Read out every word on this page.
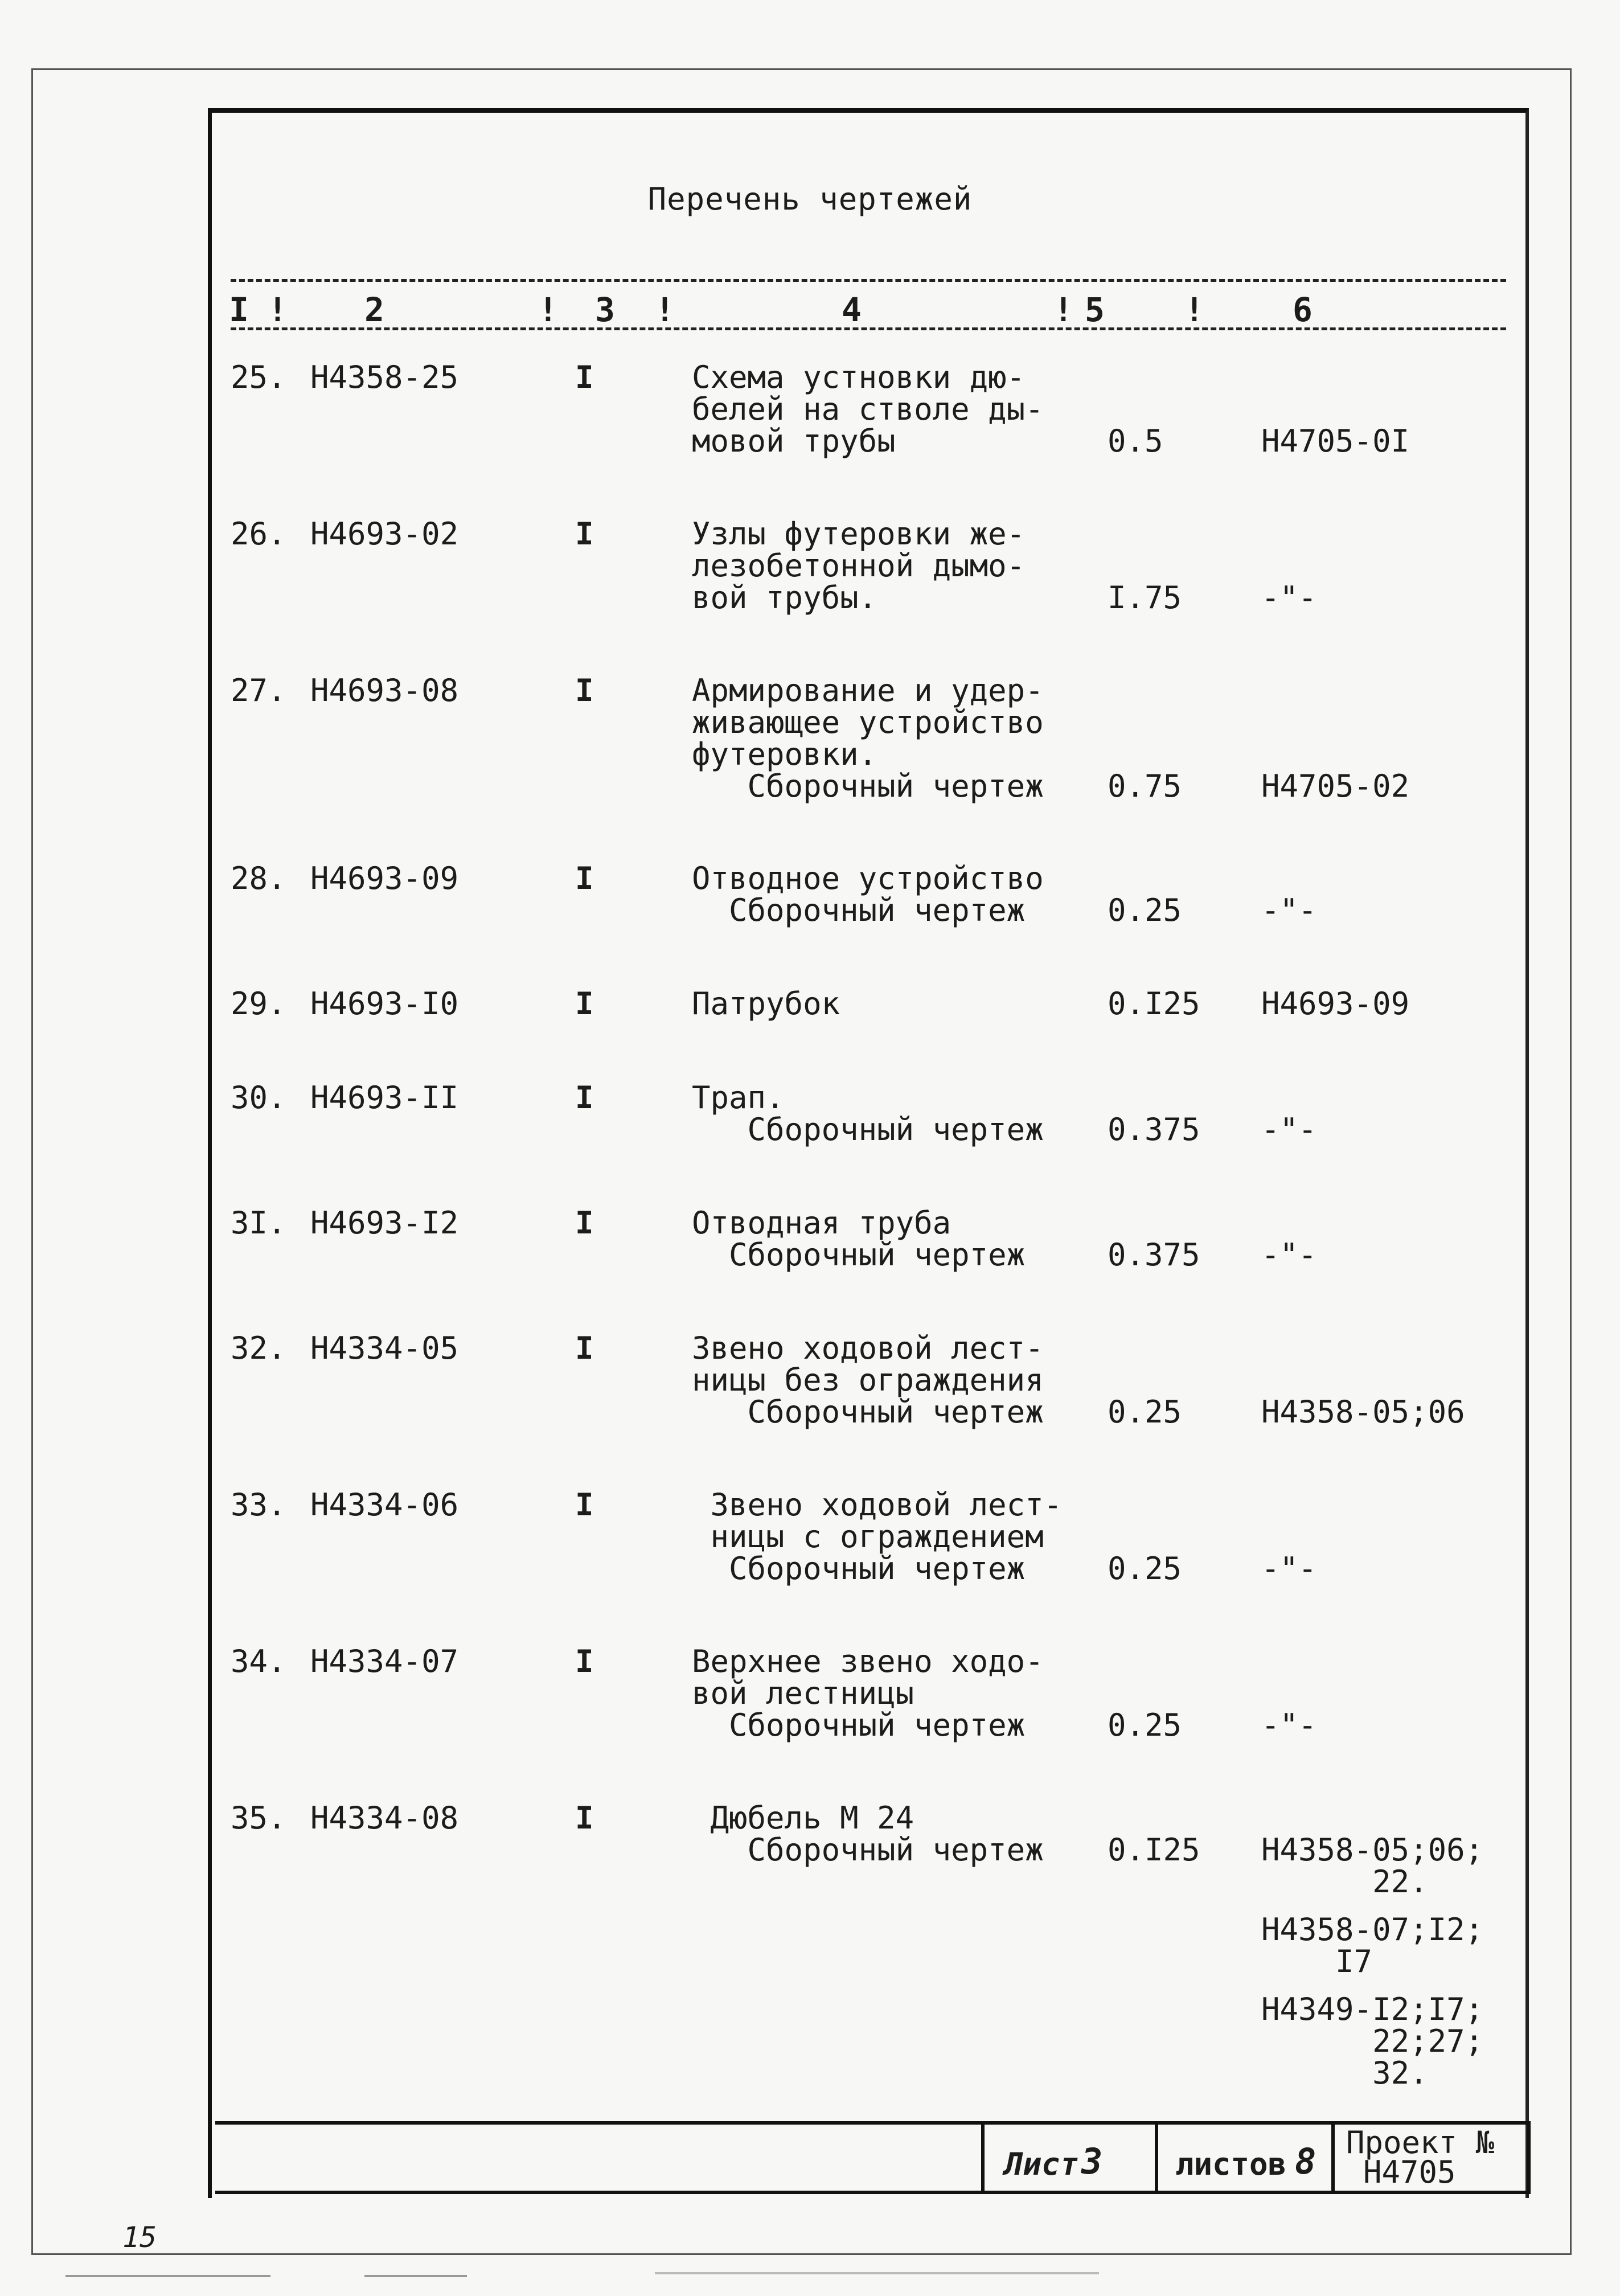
Перечень чертежей
I ! 2	! 3 !	4	! 5 !	6
25. Н4358-25	I	Схема устновки дю-
белей на стволе ды-
мовой трубы	0.5	Н4705-0I
26. Н4693-02	I	Узлы футеровки же-
лезобетонной дымо-
вой трубы.	I.75	-"-
27. Н4693-08	I	Армирование и удер-
живающее устройство
футеровки.
Сборочный чертеж 0.75	Н4705-02
28. Н4693-09	I	Отводное устройство
Сборочный чертеж	0.25	-"-
29. Н4693-I0	I	Патрубок	0.I25 Н4693-09
30. Н4693-II	I	Трап.
Сборочный чертеж 0.375 -"-
3I. Н4693-I2	I	Отводная труба
Сборочный чертеж	0.375 -"-
32. Н4334-05	I	Звено ходовой лест-
ницы без ограждения
Сборочный чертеж 0.25	Н4358-05;06
33. Н4334-06	I	Звено ходовой лест-
ницы с ограждением
Сборочный чертеж	0.25	-"-
34. Н4334-07	I	Верхнее звено ходо-
вой лестницы
Сборочный чертеж	0.25	-"-
35. Н4334-08	I	Дюбель М 24
Сборочный чертеж 0.I25 Н4358-05;06;
22.
Н4358-07;I2;
I7
Н4349-I2;I7;
22;27;
32.
Лист 3 листов 8 Проект №
Н4705
15
